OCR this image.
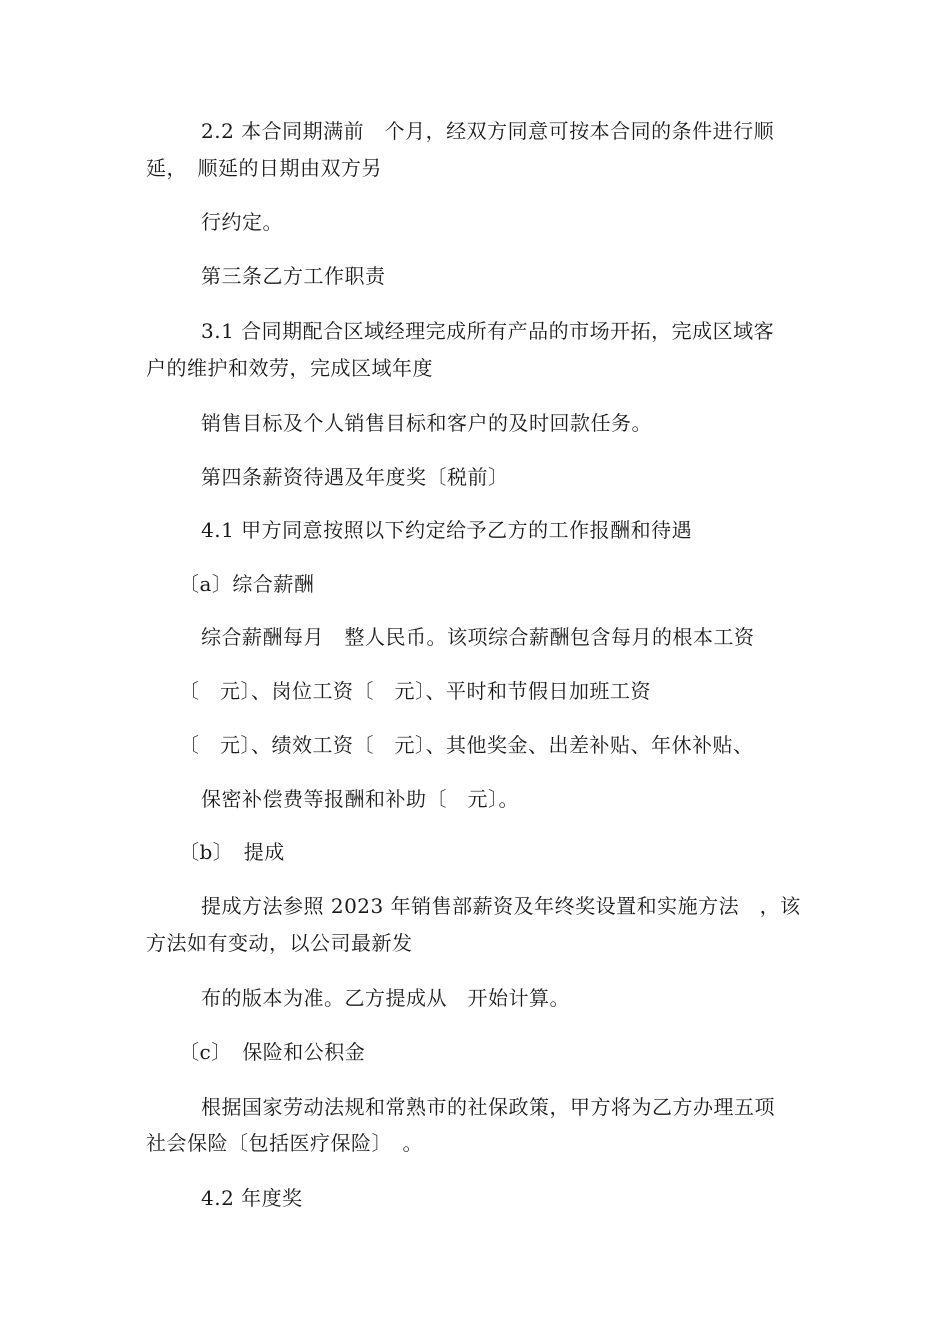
2.2 本合同期满前　个月，经双方同意可按本合同的条件进行顺
延，　顺延的日期由双方另
行约定。
第三条乙方工作职责
3.1 合同期配合区域经理完成所有产品的市场开拓，完成区域客
户的维护和效劳，完成区域年度
销售目标及个人销售目标和客户的及时回款任务。
第四条薪资待遇及年度奖〔税前〕
4.1 甲方同意按照以下约定给予乙方的工作报酬和待遇
〔a〕综合薪酬
综合薪酬每月　整人民币。该项综合薪酬包含每月的根本工资
〔　元〕、岗位工资〔　元〕、平时和节假日加班工资
〔　元〕、绩效工资〔　元〕、其他奖金、出差补贴、年休补贴、
保密补偿费等报酬和补助〔　元〕。
〔b〕　提成
提成方法参照 2023 年销售部薪资及年终奖设置和实施方法　，该
方法如有变动，以公司最新发
布的版本为准。乙方提成从　开始计算。
〔c〕　保险和公积金
根据国家劳动法规和常熟市的社保政策，甲方将为乙方办理五项
社会保险〔包括医疗保险〕　。
4.2 年度奖
